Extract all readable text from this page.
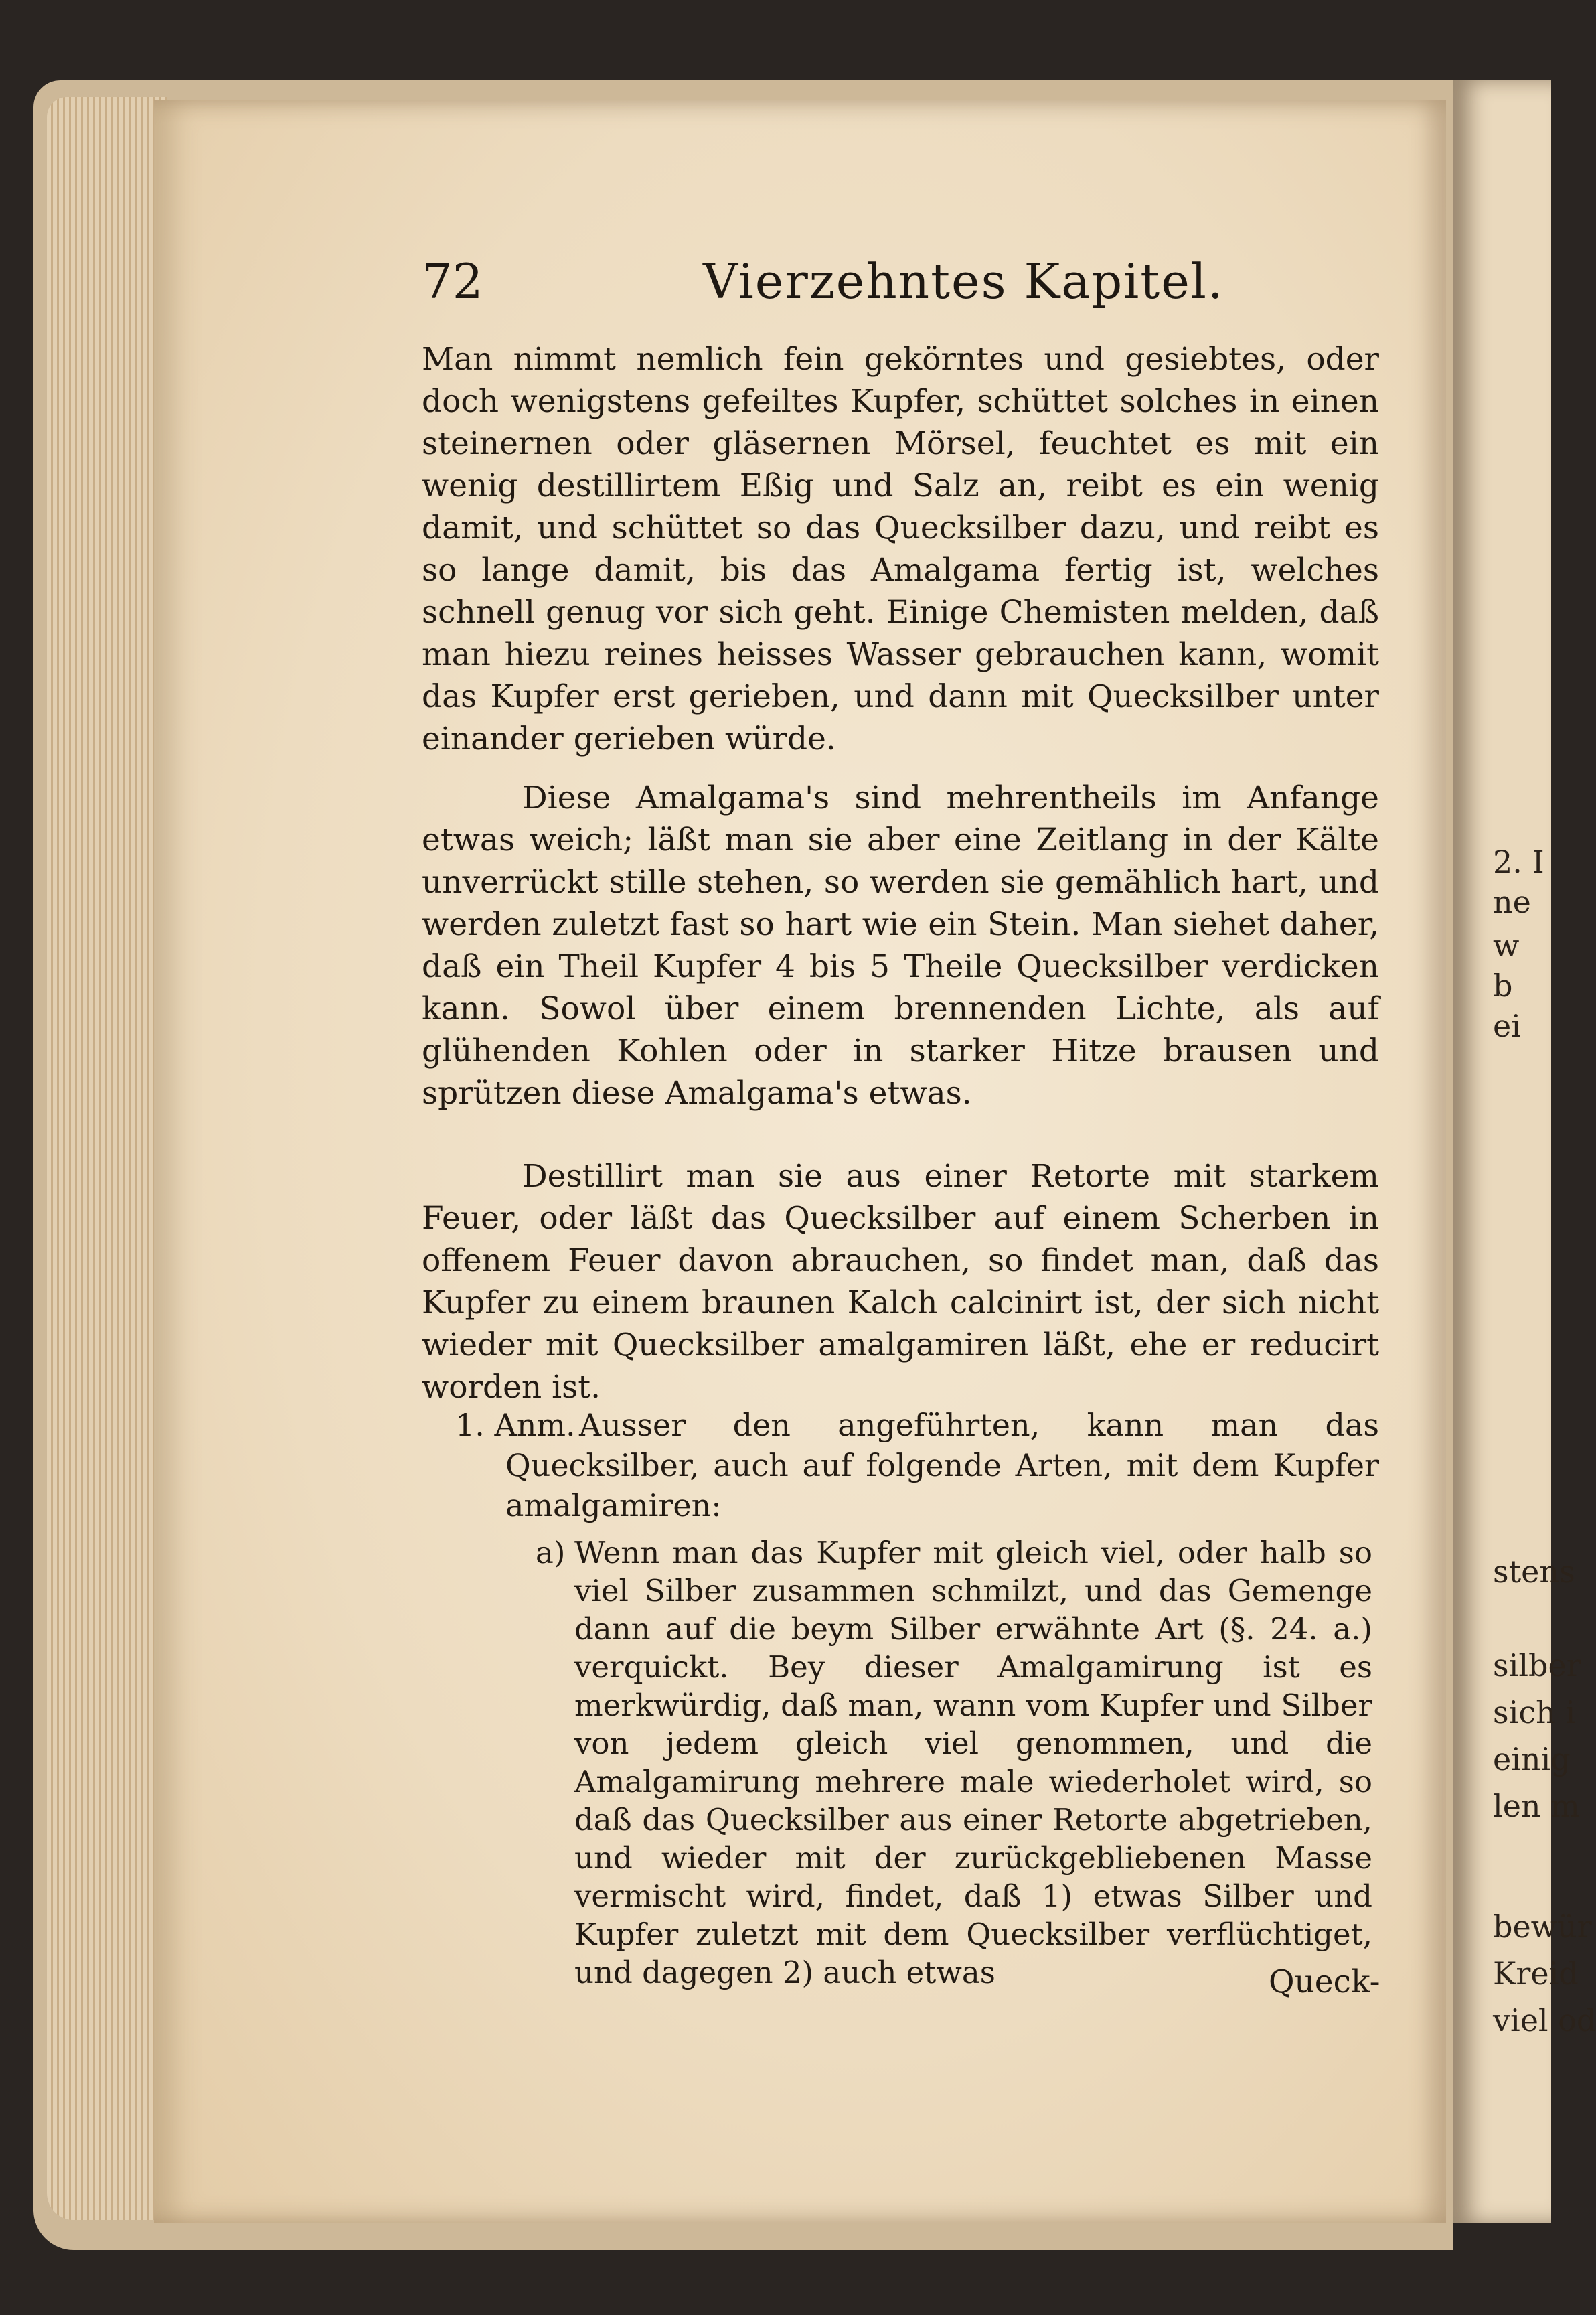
2. I
ne
w
b
ei
stens
silber
sich i
einig
len m
bewür
Kreid
viel od
72	Vierzehntes Kapitel.

Man nimmt nemlich fein gekörntes und gesiebtes, oder doch wenigstens gefeiltes Kupfer, schüttet solches in einen steinernen oder gläsernen Mörsel, feuchtet es mit ein wenig destillirtem Eßig und Salz an, reibt es ein wenig damit, und schüttet so das Quecksilber dazu, und reibt es so lange damit, bis das Amalgama fertig ist, welches schnell genug vor sich geht. Einige Chemisten melden, daß man hiezu reines heisses Wasser gebrauchen kann, womit das Kupfer erst gerieben, und dann mit Quecksilber unter einander gerieben würde.

Diese Amalgama's sind mehrentheils im Anfange etwas weich; läßt man sie aber eine Zeitlang in der Kälte unverrückt stille stehen, so werden sie gemählich hart, und werden zuletzt fast so hart wie ein Stein. Man siehet daher, daß ein Theil Kupfer 4 bis 5 Theile Quecksilber verdicken kann. Sowol über einem brennenden Lichte, als auf glühenden Kohlen oder in starker Hitze brausen und sprützen diese Amalgama's etwas.

Destillirt man sie aus einer Retorte mit starkem Feuer, oder läßt das Quecksilber auf einem Scherben in offenem Feuer davon abrauchen, so findet man, daß das Kupfer zu einem braunen Kalch calcinirt ist, der sich nicht wieder mit Quecksilber amalgamiren läßt, ehe er reducirt worden ist.

1. Anm. Ausser den angeführten, kann man das Quecksilber, auch auf folgende Arten, mit dem Kupfer amalgamiren:
a) Wenn man das Kupfer mit gleich viel, oder halb so viel Silber zusammen schmilzt, und das Gemenge dann auf die beym Silber erwähnte Art (§. 24. a.) verquickt. Bey dieser Amalgamirung ist es merkwürdig, daß man, wann vom Kupfer und Silber von jedem gleich viel genommen, und die Amalgamirung mehrere male wiederholet wird, so daß das Quecksilber aus einer Retorte abgetrieben, und wieder mit der zurückgebliebenen Masse vermischt wird, findet, daß 1) etwas Silber und Kupfer zuletzt mit dem Quecksilber verflüchtiget, und dagegen 2) auch etwas	Queck-
